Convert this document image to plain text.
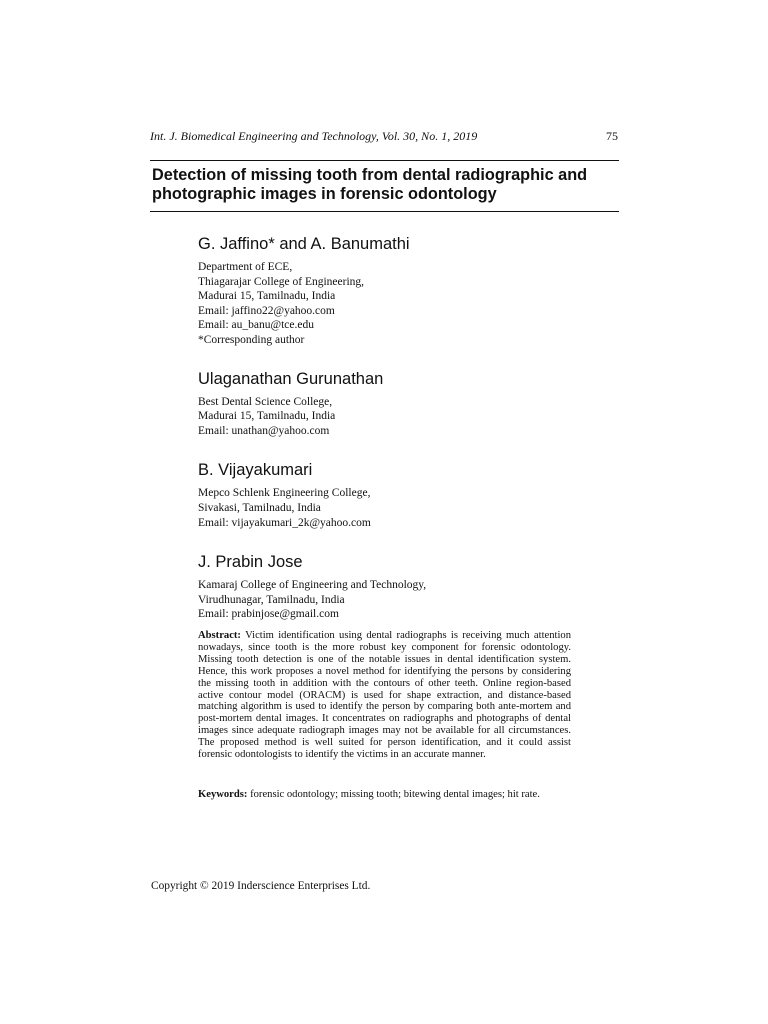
Int. J. Biomedical Engineering and Technology, Vol. 30, No. 1, 2019	75
Detection of missing tooth from dental radiographic and photographic images in forensic odontology
G. Jaffino* and A. Banumathi
Department of ECE,
Thiagarajar College of Engineering,
Madurai 15, Tamilnadu, India
Email: jaffino22@yahoo.com
Email: au_banu@tce.edu
*Corresponding author
Ulaganathan Gurunathan
Best Dental Science College,
Madurai 15, Tamilnadu, India
Email: unathan@yahoo.com
B. Vijayakumari
Mepco Schlenk Engineering College,
Sivakasi, Tamilnadu, India
Email: vijayakumari_2k@yahoo.com
J. Prabin Jose
Kamaraj College of Engineering and Technology,
Virudhunagar, Tamilnadu, India
Email: prabinjose@gmail.com

Abstract: Victim identification using dental radiographs is receiving much attention nowadays, since tooth is the more robust key component for forensic odontology. Missing tooth detection is one of the notable issues in dental identification system. Hence, this work proposes a novel method for identifying the persons by considering the missing tooth in addition with the contours of other teeth. Online region-based active contour model (ORACM) is used for shape extraction, and distance-based matching algorithm is used to identify the person by comparing both ante-mortem and post-mortem dental images. It concentrates on radiographs and photographs of dental images since adequate radiograph images may not be available for all circumstances. The proposed method is well suited for person identification, and it could assist forensic odontologists to identify the victims in an accurate manner.

Keywords: forensic odontology; missing tooth; bitewing dental images; hit rate.

Copyright © 2019 Inderscience Enterprises Ltd.
